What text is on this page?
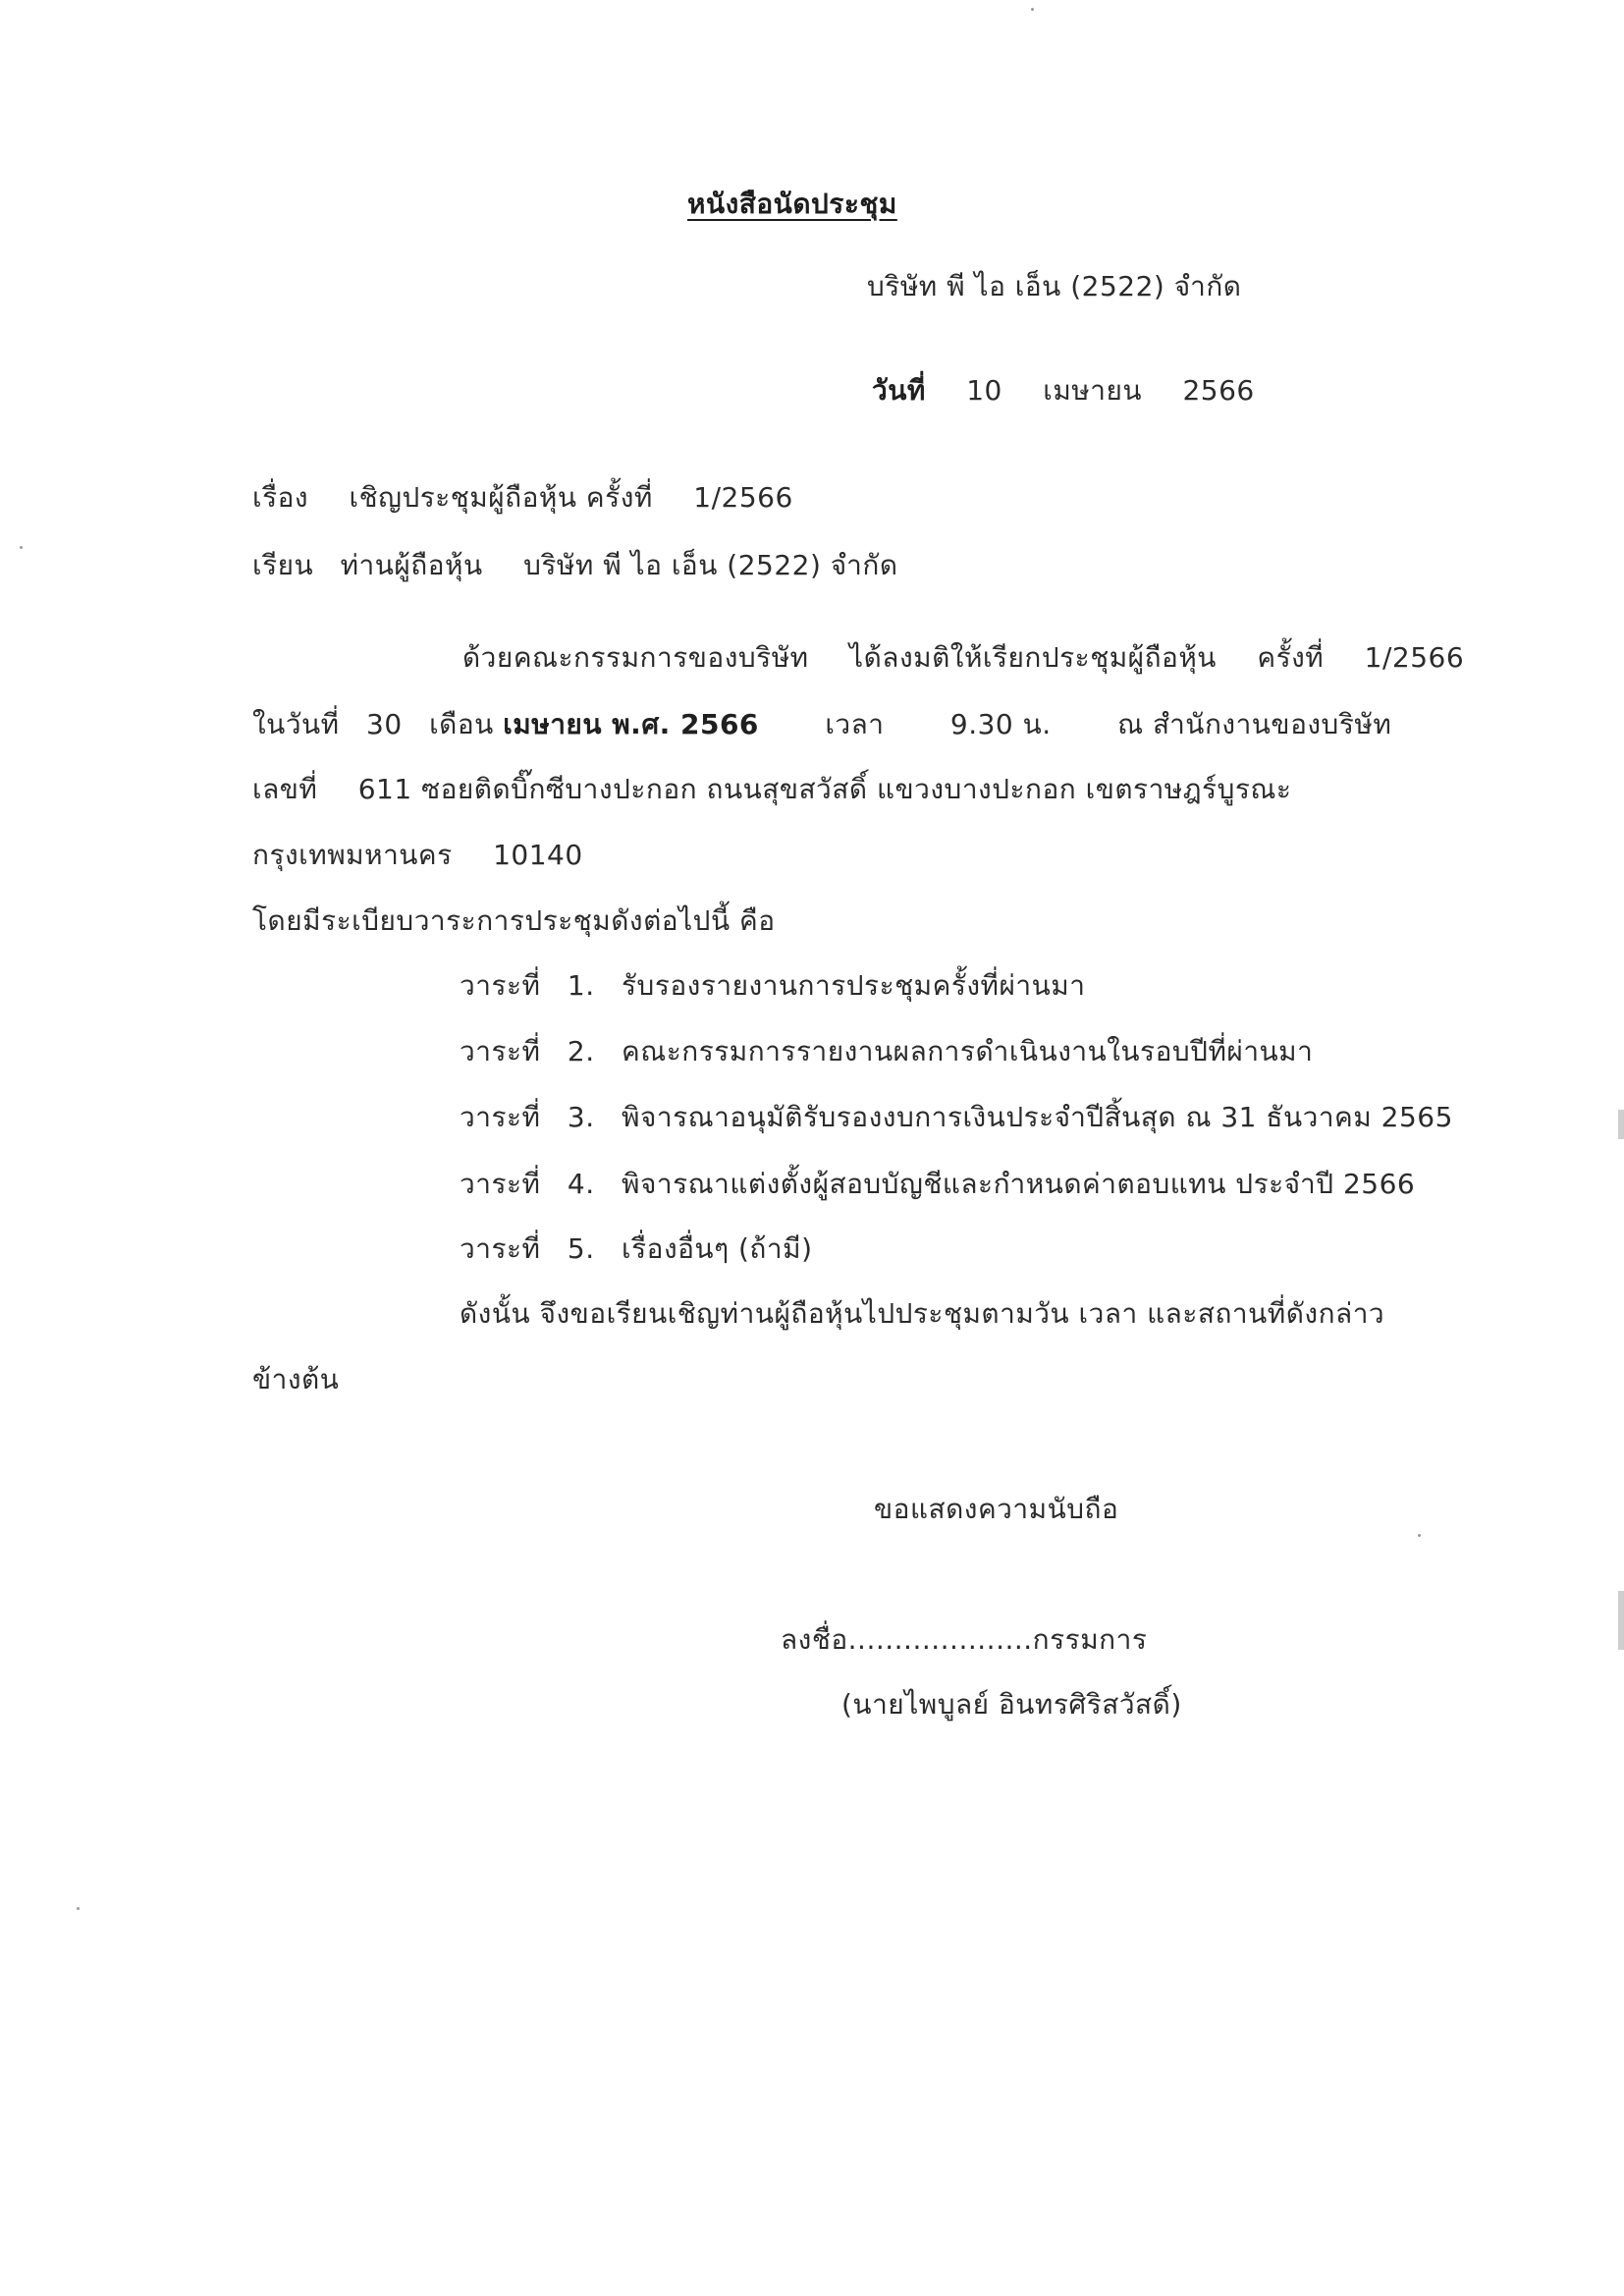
หนังสือนัดประชุม
บริษัท พี ไอ เอ็น (2522) จำกัด
วันที่ 10 เมษายน 2566
เรื่อง เชิญประชุมผู้ถือหุ้น ครั้งที่ 1/2566
เรียน ท่านผู้ถือหุ้น บริษัท พี ไอ เอ็น (2522) จำกัด
ด้วยคณะกรรมการของบริษัท ได้ลงมติให้เรียกประชุมผู้ถือหุ้น ครั้งที่ 1/2566
ในวันที่ 30 เดือน เมษายน พ.ศ. 2566 เวลา 9.30 น. ณ สำนักงานของบริษัท
เลขที่ 611 ซอยติดบิ๊กซีบางปะกอก ถนนสุขสวัสดิ์ แขวงบางปะกอก เขตราษฎร์บูรณะ
กรุงเทพมหานคร 10140
โดยมีระเบียบวาระการประชุมดังต่อไปนี้ คือ
วาระที่ 1. รับรองรายงานการประชุมครั้งที่ผ่านมา
วาระที่ 2. คณะกรรมการรายงานผลการดำเนินงานในรอบปีที่ผ่านมา
วาระที่ 3. พิจารณาอนุมัติรับรองงบการเงินประจำปีสิ้นสุด ณ 31 ธันวาคม 2565
วาระที่ 4. พิจารณาแต่งตั้งผู้สอบบัญชีและกำหนดค่าตอบแทน ประจำปี 2566
วาระที่ 5. เรื่องอื่นๆ (ถ้ามี)
ดังนั้น จึงขอเรียนเชิญท่านผู้ถือหุ้นไปประชุมตามวัน เวลา และสถานที่ดังกล่าว
ข้างต้น
ขอแสดงความนับถือ
ลงชื่อ....................กรรมการ
(นายไพบูลย์ อินทรศิริสวัสดิ์)
